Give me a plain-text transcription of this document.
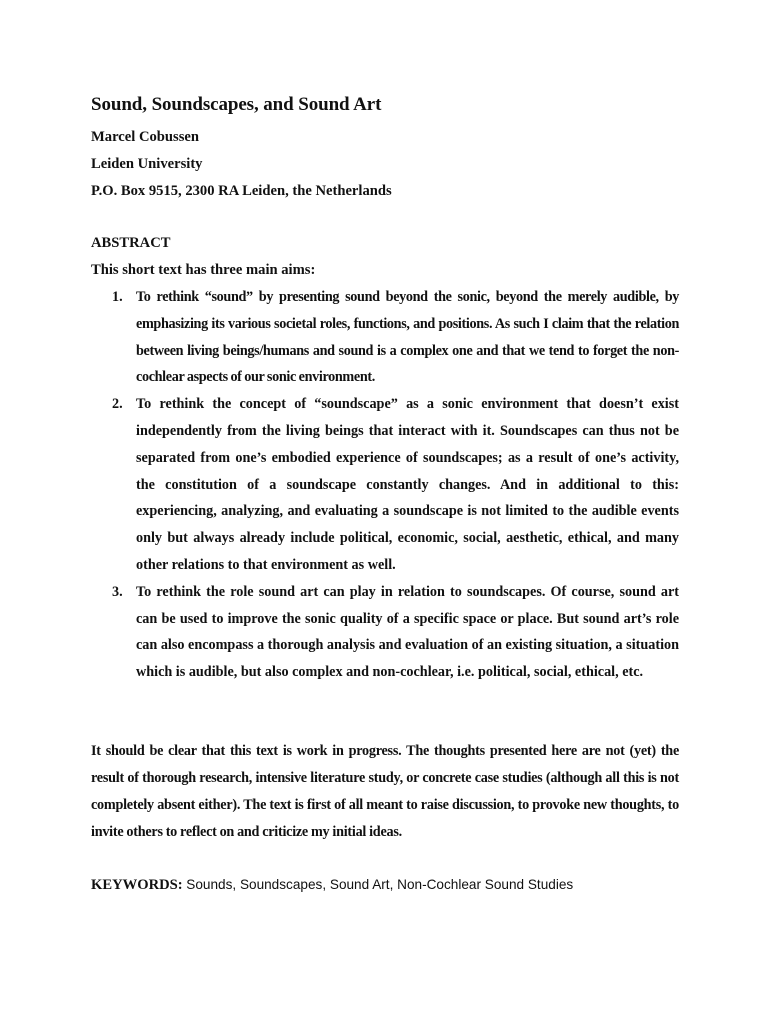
Sound, Soundscapes, and Sound Art
Marcel Cobussen
Leiden University
P.O. Box 9515, 2300 RA Leiden, the Netherlands
ABSTRACT
This short text has three main aims:
1. To rethink “sound” by presenting sound beyond the sonic, beyond the merely audible, by emphasizing its various societal roles, functions, and positions. As such I claim that the relation between living beings/humans and sound is a complex one and that we tend to forget the non-cochlear aspects of our sonic environment.
2. To rethink the concept of “soundscape” as a sonic environment that doesn’t exist independently from the living beings that interact with it. Soundscapes can thus not be separated from one’s embodied experience of soundscapes; as a result of one’s activity, the constitution of a soundscape constantly changes. And in additional to this: experiencing, analyzing, and evaluating a soundscape is not limited to the audible events only but always already include political, economic, social, aesthetic, ethical, and many other relations to that environment as well.
3. To rethink the role sound art can play in relation to soundscapes. Of course, sound art can be used to improve the sonic quality of a specific space or place. But sound art’s role can also encompass a thorough analysis and evaluation of an existing situation, a situation which is audible, but also complex and non-cochlear, i.e. political, social, ethical, etc.

It should be clear that this text is work in progress. The thoughts presented here are not (yet) the result of thorough research, intensive literature study, or concrete case studies (although all this is not completely absent either). The text is first of all meant to raise discussion, to provoke new thoughts, to invite others to reflect on and criticize my initial ideas.

KEYWORDS: Sounds, Soundscapes, Sound Art, Non-Cochlear Sound Studies
